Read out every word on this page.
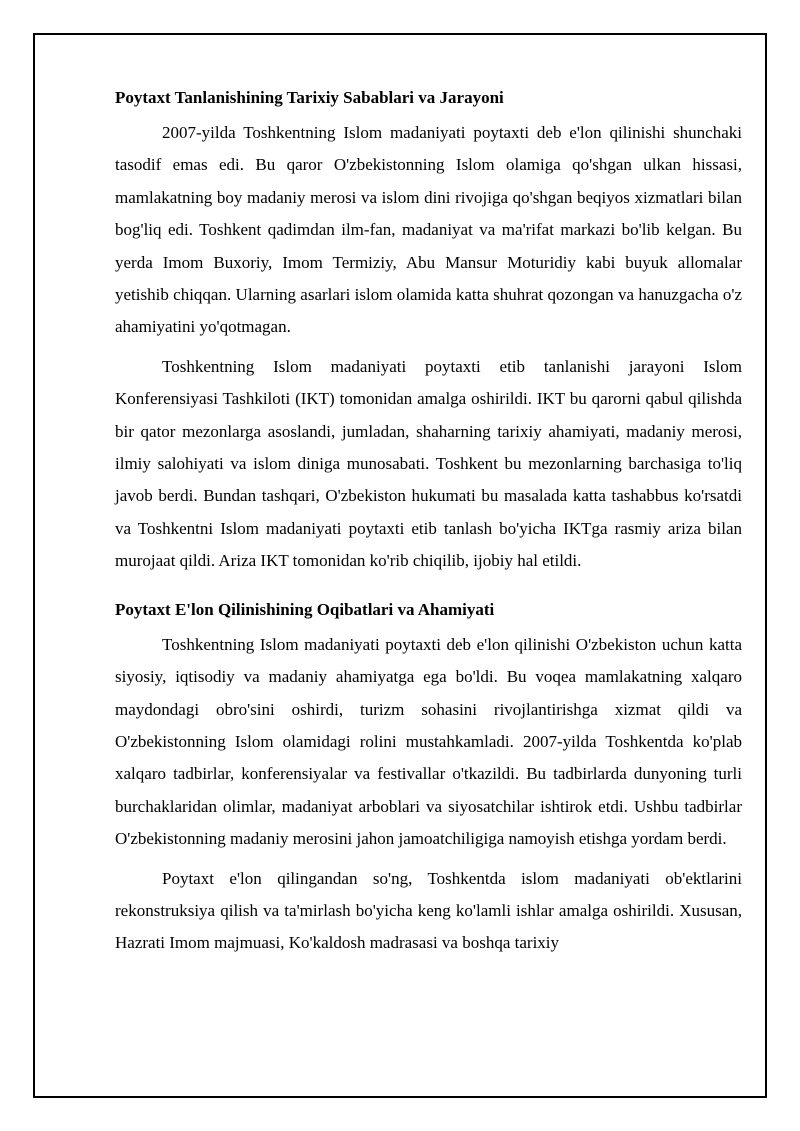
Poytaxt Tanlanishining Tarixiy Sabablari va Jarayoni

2007-yilda Toshkentning Islom madaniyati poytaxti deb e'lon qilinishi shunchaki tasodif emas edi. Bu qaror O'zbekistonning Islom olamiga qo'shgan ulkan hissasi, mamlakatning boy madaniy merosi va islom dini rivojiga qo'shgan beqiyos xizmatlari bilan bog'liq edi. Toshkent qadimdan ilm-fan, madaniyat va ma'rifat markazi bo'lib kelgan. Bu yerda Imom Buxoriy, Imom Termiziy, Abu Mansur Moturidiy kabi buyuk allomalar yetishib chiqqan. Ularning asarlari islom olamida katta shuhrat qozongan va hanuzgacha o'z ahamiyatini yo'qotmagan.

Toshkentning Islom madaniyati poytaxti etib tanlanishi jarayoni Islom Konferensiyasi Tashkiloti (IKT) tomonidan amalga oshirildi. IKT bu qarorni qabul qilishda bir qator mezonlarga asoslandi, jumladan, shaharning tarixiy ahamiyati, madaniy merosi, ilmiy salohiyati va islom diniga munosabati. Toshkent bu mezonlarning barchasiga to'liq javob berdi. Bundan tashqari, O'zbekiston hukumati bu masalada katta tashabbus ko'rsatdi va Toshkentni Islom madaniyati poytaxti etib tanlash bo'yicha IKTga rasmiy ariza bilan murojaat qildi. Ariza IKT tomonidan ko'rib chiqilib, ijobiy hal etildi.

Poytaxt E'lon Qilinishining Oqibatlari va Ahamiyati

Toshkentning Islom madaniyati poytaxti deb e'lon qilinishi O'zbekiston uchun katta siyosiy, iqtisodiy va madaniy ahamiyatga ega bo'ldi. Bu voqea mamlakatning xalqaro maydondagi obro'sini oshirdi, turizm sohasini rivojlantirishga xizmat qildi va O'zbekistonning Islom olamidagi rolini mustahkamladi. 2007-yilda Toshkentda ko'plab xalqaro tadbirlar, konferensiyalar va festivallar o'tkazildi. Bu tadbirlarda dunyoning turli burchaklaridan olimlar, madaniyat arboblari va siyosatchilar ishtirok etdi. Ushbu tadbirlar O'zbekistonning madaniy merosini jahon jamoatchiligiga namoyish etishga yordam berdi.

Poytaxt e'lon qilingandan so'ng, Toshkentda islom madaniyati ob'ektlarini rekonstruksiya qilish va ta'mirlash bo'yicha keng ko'lamli ishlar amalga oshirildi. Xususan, Hazrati Imom majmuasi, Ko'kaldosh madrasasi va boshqa tarixiy
